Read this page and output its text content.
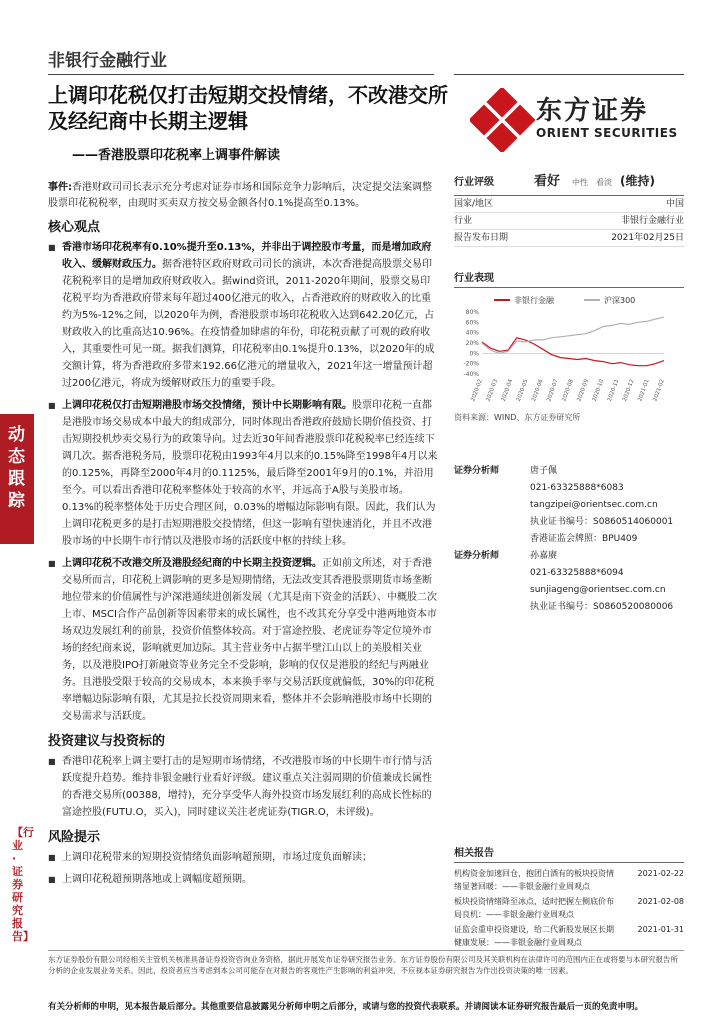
非银行金融行业
上调印花税仅打击短期交投情绪，不改港交所及经纪商中长期主逻辑
——香港股票印花税率上调事件解读
东方证券
ORIENT SECURITIES
动态跟踪
【行业·证券研究报告】
事件:香港财政司司长表示充分考虑对证券市场和国际竞争力影响后，决定提交法案调整股票印花税税率，由现时买卖双方按交易金额各付0.1%提高至0.13%。
核心观点
■ 香港市场印花税率有0.10%提升至0.13%，并非出于调控股市考量，而是增加政府收入、缓解财政压力。据香港特区政府财政司司长的演讲，本次香港提高股票交易印花税税率目的是增加政府财政收入。据wind资讯，2011-2020年期间，股票交易印花税平均为香港政府带来每年超过400亿港元的收入，占香港政府的财政收入的比重约为5%-12%之间，以2020年为例，香港股票市场印花税收入达到642.20亿元，占财政收入的比重高达10.96%。在疫情叠加肆虐的年份，印花税贡献了可观的政府收入，其重要性可见一斑。据我们测算，印花税率由0.1%提升0.13%，以2020年的成交额计算，将为香港政府多带来192.66亿港元的增量收入，2021年这一增量预计超过200亿港元，将成为缓解财政压力的重要手段。
■ 上调印花税仅打击短期港股市场交投情绪，预计中长期影响有限。股票印花税一直都是港股市场交易成本中最大的组成部分，同时体现出香港政府鼓励长期价值投资、打击短期投机炒卖交易行为的政策导向。过去近30年间香港股票印花税税率已经连续下调几次。据香港税务局，股票印花税由1993年4月以来的0.15%降至1998年4月以来的0.125%，再降至2000年4月的0.1125%，最后降至2001年9月的0.1%，并沿用至今。可以看出香港印花税率整体处于较高的水平，并远高于A股与美股市场。0.13%的税率整体处于历史合理区间，0.03%的增幅边际影响有限。因此，我们认为上调印花税更多的是打击短期港股交投情绪，但这一影响有望快速消化，并且不改港股市场的中长期牛市行情以及港股市场的活跃度中枢的持续上移。
■ 上调印花税不改港交所及港股经纪商的中长期主投资逻辑。正如前文所述，对于香港交易所而言，印花税上调影响的更多是短期情绪，无法改变其香港股票期货市场垄断地位带来的价值属性与沪深港通续进创新发展（尤其是南下资金的活跃）、中概股二次上市、MSCI合作产品创新等因素带来的成长属性，也不改其充分享受中港两地资本市场双边发展红利的前景，投资价值整体较高。对于富途控股、老虎证券等定位境外市场的经纪商来说，影响就更加边际。其主营业务中占据半壁江山以上的美股相关业务，以及港股IPO打新融资等业务完全不受影响，影响的仅仅是港股的经纪与两融业务。且港股受限于较高的交易成本，本来换手率与交易活跃度就偏低，30%的印花税率增幅边际影响有限，尤其是拉长投资周期来看，整体并不会影响港股市场中长期的交易需求与活跃度。
投资建议与投资标的
■ 香港印花税率上调主要打击的是短期市场情绪，不改港股市场的中长期牛市行情与活跃度提升趋势。维持非银金融行业看好评级。建议重点关注弱周期的价值兼成长属性的香港交易所(00388，增持)，充分享受华人海外投资市场发展红利的高成长性标的富途控股(FUTU.O，买入)，同时建议关注老虎证券(TIGR.O，未评级)。
风险提示
■ 上调印花税带来的短期投资情绪负面影响超预期，市场过度负面解读；
■ 上调印花税超预期落地或上调幅度超预期。
行业评级	看好 中性 看淡 (维持)
国家/地区	中国
行业	非银行金融行业
报告发布日期	2021年02月25日
行业表现
非银行金融	沪深300
80%
60%
40%
20%
0%
-20%
-40%
2020-02 2020-03 2020-04 2020-05 2020-06 2020-07 2020-08 2020-09 2020-10 2020-11 2020-12 2021-01 2021-02
资料来源：WIND、东方证券研究所
证券分析师	唐子佩
021-63325888*6083
tangzipei@orientsec.com.cn
执业证书编号：S0860514060001
香港证监会牌照：BPU409
证券分析师	孙嘉赓
021-63325888*6094
sunjiageng@orientsec.com.cn
执业证书编号：S0860520080006
相关报告
机构资金加速回仓，抱团白酒有的板块投资情绪显著回暖：——非银金融行业周观点
2021-02-22
板块投资情绪降至冰点，适时把握左侧底价布局良机：——非银金融行业周观点
2021-02-08
证监会重申投资建设，给二代新股发展区长期健康发展：——非银金融行业周观点
2021-01-31
东方证券股份有限公司经相关主管机关核准具备证券投资咨询业务资格，据此开展发布证券研究报告业务。东方证券股份有限公司及其关联机构在法律许可的范围内正在或将要与本研究报告所分析的企业发展业务关系。因此，投资者应当考虑到本公司可能存在对报告的客观性产生影响的利益冲突，不应视本证券研究报告为作出投资决策的唯一因素。
有关分析师的申明，见本报告最后部分。其他重要信息披露见分析师申明之后部分，或请与您的投资代表联系。并请阅读本证券研究报告最后一页的免责申明。
